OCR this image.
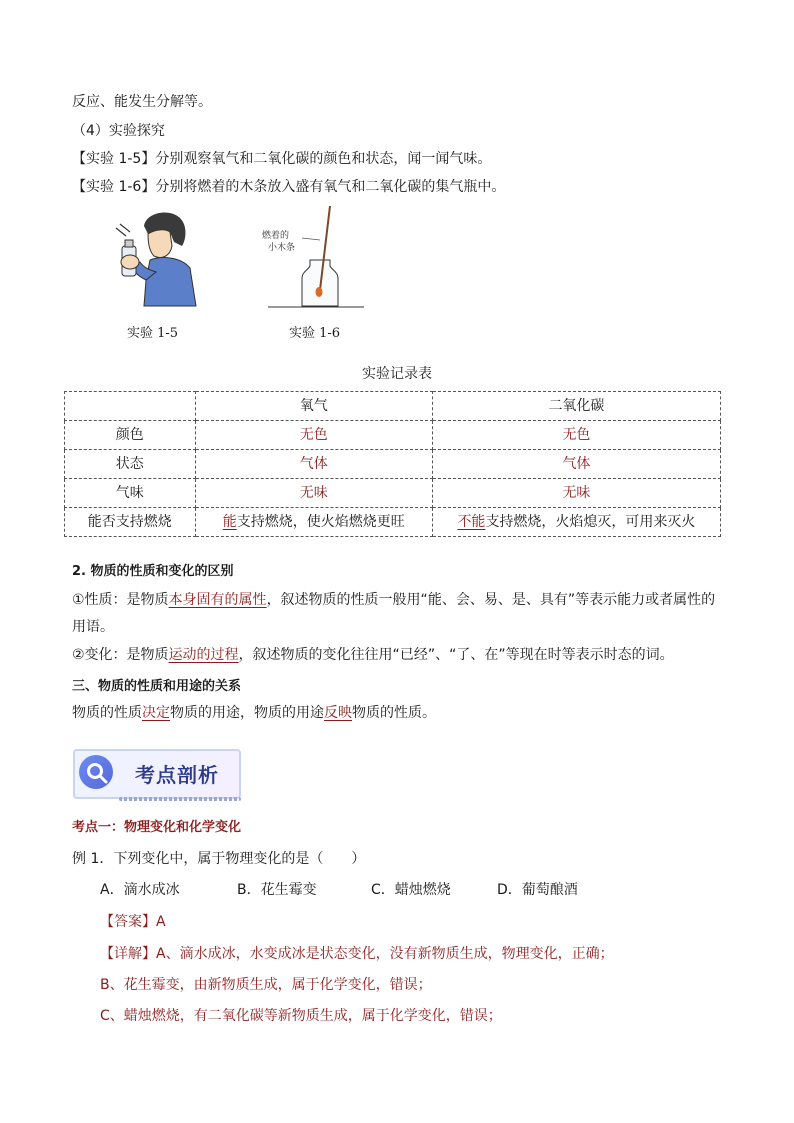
反应、能发生分解等。
（4）实验探究
【实验 1-5】分别观察氧气和二氧化碳的颜色和状态，闻一闻气味。
【实验 1-6】分别将燃着的木条放入盛有氧气和二氧化碳的集气瓶中。
实验 1-5
燃着的
小木条
实验 1-6
实验记录表
	氧气	二氧化碳
颜色	无色	无色
状态	气体	气体
气味	无味	无味
能否支持燃烧	能支持燃烧，使火焰燃烧更旺	不能支持燃烧，火焰熄灭，可用来灭火
2. 物质的性质和变化的区别
①性质：是物质本身固有的属性，叙述物质的性质一般用“能、会、易、是、具有”等表示能力或者属性的
用语。
②变化：是物质运动的过程，叙述物质的变化往往用“已经”、“了、在”等现在时等表示时态的词。
三、物质的性质和用途的关系
物质的性质决定物质的用途，物质的用途反映物质的性质。
考点剖析
考点一：物理变化和化学变化
例 1．下列变化中，属于物理变化的是（　　）
A．滴水成冰	B．花生霉变	C．蜡烛燃烧	D．葡萄酿酒
【答案】A
【详解】A、滴水成冰，水变成冰是状态变化，没有新物质生成，物理变化，正确；
B、花生霉变，由新物质生成，属于化学变化，错误；
C、蜡烛燃烧，有二氧化碳等新物质生成，属于化学变化，错误；
